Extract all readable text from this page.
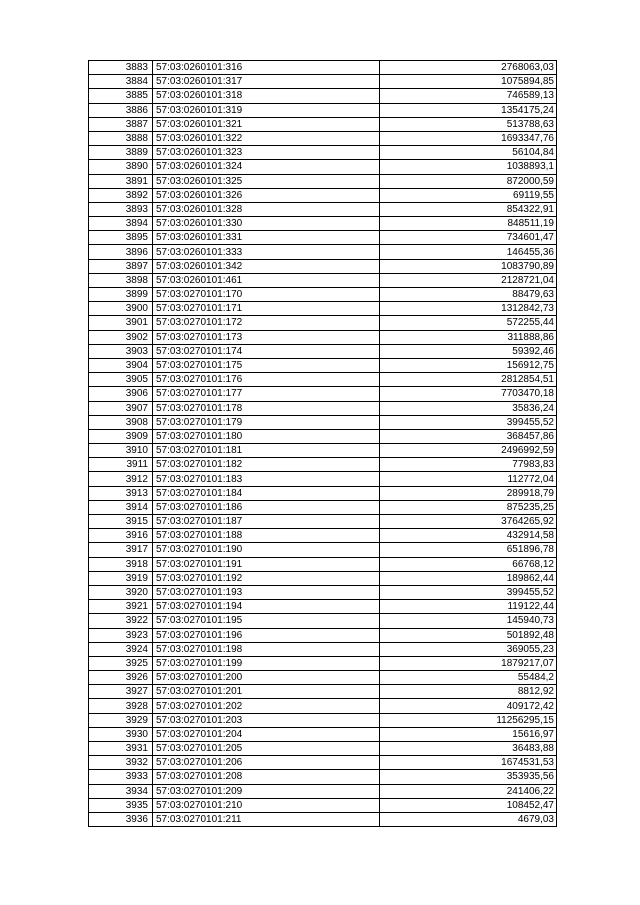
3883	57:03:0260101:316	2768063,03
3884	57:03:0260101:317	1075894,85
3885	57:03:0260101:318	746589,13
3886	57:03:0260101:319	1354175,24
3887	57:03:0260101:321	513788,63
3888	57:03:0260101:322	1693347,76
3889	57:03:0260101:323	56104,84
3890	57:03:0260101:324	1038893,1
3891	57:03:0260101:325	872000,59
3892	57:03:0260101:326	69119,55
3893	57:03:0260101:328	854322,91
3894	57:03:0260101:330	848511,19
3895	57:03:0260101:331	734601,47
3896	57:03:0260101:333	146455,36
3897	57:03:0260101:342	1083790,89
3898	57:03:0260101:461	2128721,04
3899	57:03:0270101:170	88479,63
3900	57:03:0270101:171	1312842,73
3901	57:03:0270101:172	572255,44
3902	57:03:0270101:173	311888,86
3903	57:03:0270101:174	59392,46
3904	57:03:0270101:175	156912,75
3905	57:03:0270101:176	2812854,51
3906	57:03:0270101:177	7703470,18
3907	57:03:0270101:178	35836,24
3908	57:03:0270101:179	399455,52
3909	57:03:0270101:180	368457,86
3910	57:03:0270101:181	2496992,59
3911	57:03:0270101:182	77983,83
3912	57:03:0270101:183	112772,04
3913	57:03:0270101:184	289918,79
3914	57:03:0270101:186	875235,25
3915	57:03:0270101:187	3764265,92
3916	57:03:0270101:188	432914,58
3917	57:03:0270101:190	651896,78
3918	57:03:0270101:191	66768,12
3919	57:03:0270101:192	189862,44
3920	57:03:0270101:193	399455,52
3921	57:03:0270101:194	119122,44
3922	57:03:0270101:195	145940,73
3923	57:03:0270101:196	501892,48
3924	57:03:0270101:198	369055,23
3925	57:03:0270101:199	1879217,07
3926	57:03:0270101:200	55484,2
3927	57:03:0270101:201	8812,92
3928	57:03:0270101:202	409172,42
3929	57:03:0270101:203	11256295,15
3930	57:03:0270101:204	15616,97
3931	57:03:0270101:205	36483,88
3932	57:03:0270101:206	1674531,53
3933	57:03:0270101:208	353935,56
3934	57:03:0270101:209	241406,22
3935	57:03:0270101:210	108452,47
3936	57:03:0270101:211	4679,03
